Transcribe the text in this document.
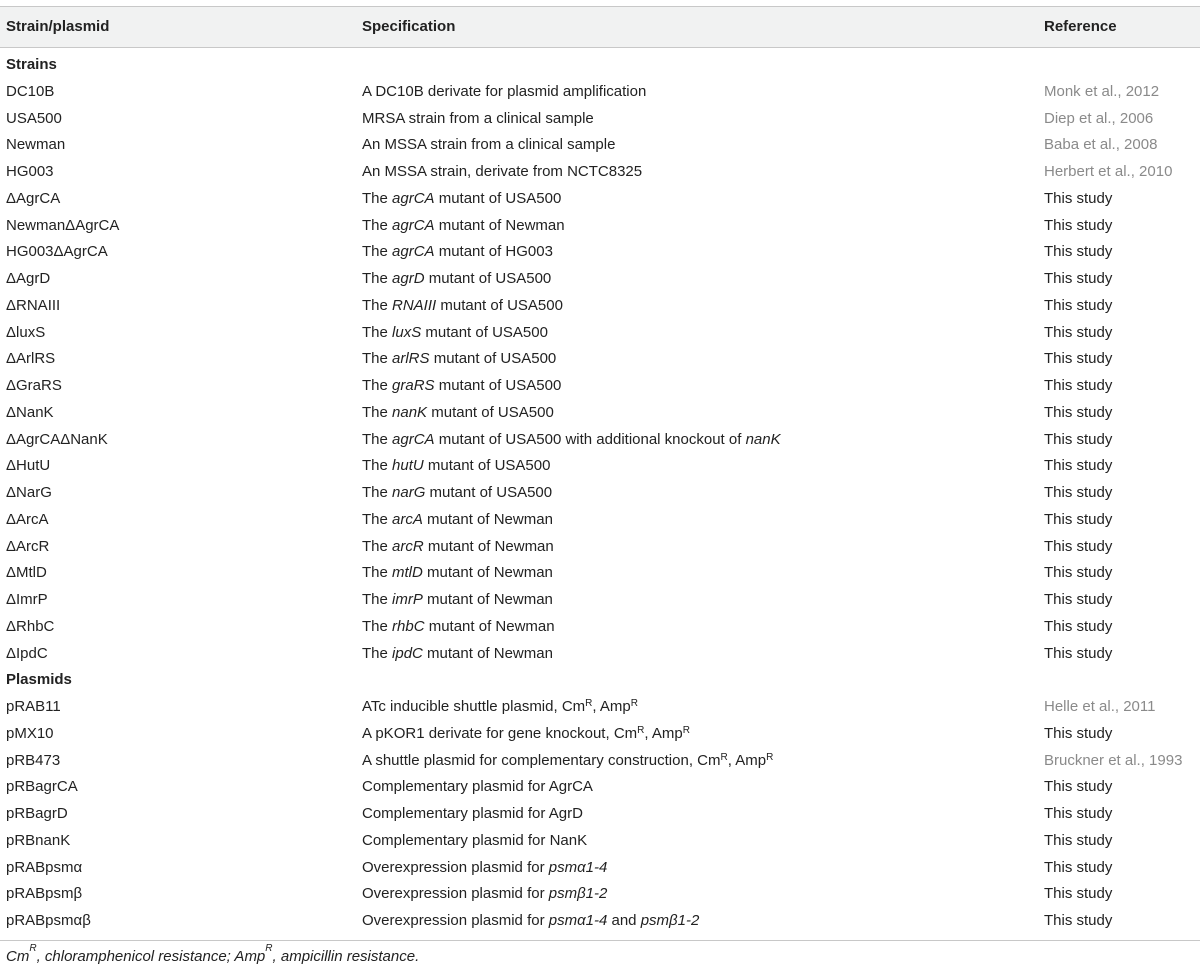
Strain/plasmid	Specification	Reference
Strains
DC10B	A DC10B derivate for plasmid amplification	Monk et al., 2012
USA500	MRSA strain from a clinical sample	Diep et al., 2006
Newman	An MSSA strain from a clinical sample	Baba et al., 2008
HG003	An MSSA strain, derivate from NCTC8325	Herbert et al., 2010
ΔAgrCA	The agrCA mutant of USA500	This study
NewmanΔAgrCA	The agrCA mutant of Newman	This study
HG003ΔAgrCA	The agrCA mutant of HG003	This study
ΔAgrD	The agrD mutant of USA500	This study
ΔRNAIII	The RNAIII mutant of USA500	This study
ΔluxS	The luxS mutant of USA500	This study
ΔArlRS	The arlRS mutant of USA500	This study
ΔGraRS	The graRS mutant of USA500	This study
ΔNanK	The nanK mutant of USA500	This study
ΔAgrCAΔNanK	The agrCA mutant of USA500 with additional knockout of nanK	This study
ΔHutU	The hutU mutant of USA500	This study
ΔNarG	The narG mutant of USA500	This study
ΔArcA	The arcA mutant of Newman	This study
ΔArcR	The arcR mutant of Newman	This study
ΔMtlD	The mtlD mutant of Newman	This study
ΔImrP	The imrP mutant of Newman	This study
ΔRhbC	The rhbC mutant of Newman	This study
ΔIpdC	The ipdC mutant of Newman	This study
Plasmids
pRAB11	ATc inducible shuttle plasmid, $Cm^R$, Amp$^R$	Helle et al., 2011
pMX10	A pKOR1 derivate for gene knockout, $Cm^R$, Amp$^R$	This study
pRB473	A shuttle plasmid for complementary construction, $Cm^R$, Amp$^R$	Bruckner et al., 1993
pRBagrCA	Complementary plasmid for AgrCA	This study
pRBagrD	Complementary plasmid for AgrD	This study
pRBnanK	Complementary plasmid for NanK	This study
pRABpsmα	Overexpression plasmid for psmα1-4	This study
pRABpsmβ	Overexpression plasmid for psmβ1-2	This study
pRABpsmαβ	Overexpression plasmid for psmα1-4 and psmβ1-2	This study
$Cm^R$, chloramphenicol resistance; Amp$^R$, ampicillin resistance.
